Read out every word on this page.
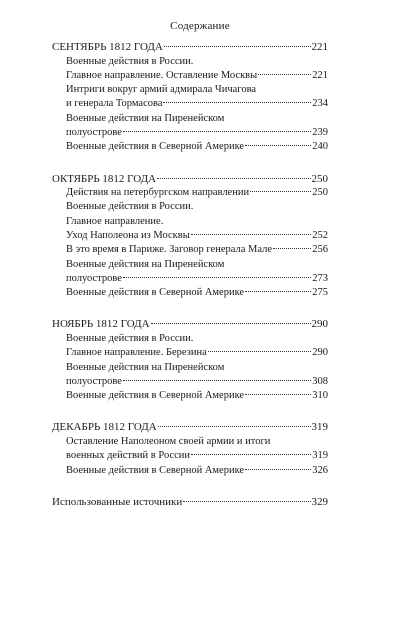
Содержание
СЕНТЯБРЬ 1812 ГОДА	221
Военные действия в России.
Главное направление. Оставление Москвы	221
Интриги вокруг армий адмирала Чичагова
и генерала Тормасова	234
Военные действия на Пиренейском
полуострове	239
Военные действия в Северной Америке	240
ОКТЯБРЬ 1812 ГОДА	250
Действия на петербургском направлении	250
Военные действия в России.
Главное направление.
Уход Наполеона из Москвы	252
В это время в Париже. Заговор генерала Мале	256
Военные действия на Пиренейском
полуострове	273
Военные действия в Северной Америке	275
НОЯБРЬ 1812 ГОДА	290
Военные действия в России.
Главное направление. Березина	290
Военные действия на Пиренейском
полуострове	308
Военные действия в Северной Америке	310
ДЕКАБРЬ 1812 ГОДА	319
Оставление Наполеоном своей армии и итоги
военных действий в России	319
Военные действия в Северной Америке	326
Использованные источники	329
